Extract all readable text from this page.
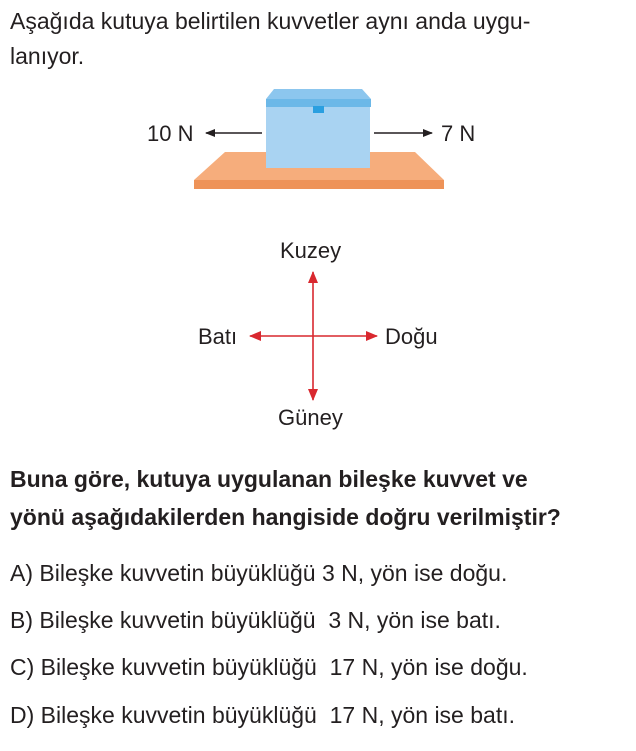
Aşağıda kutuya belirtilen kuvvetler aynı anda uygu-
lanıyor.

10 N	7 N
Kuzey
Güney
Batı	Doğu

Buna göre, kutuya uygulanan bileşke kuvvet ve
yönü aşağıdakilerden hangiside doğru verilmiştir?

A) Bileşke kuvvetin büyüklüğü 3 N, yön ise doğu.

B) Bileşke kuvvetin büyüklüğü  3 N, yön ise batı.

C) Bileşke kuvvetin büyüklüğü  17 N, yön ise doğu.

D) Bileşke kuvvetin büyüklüğü  17 N, yön ise batı.
